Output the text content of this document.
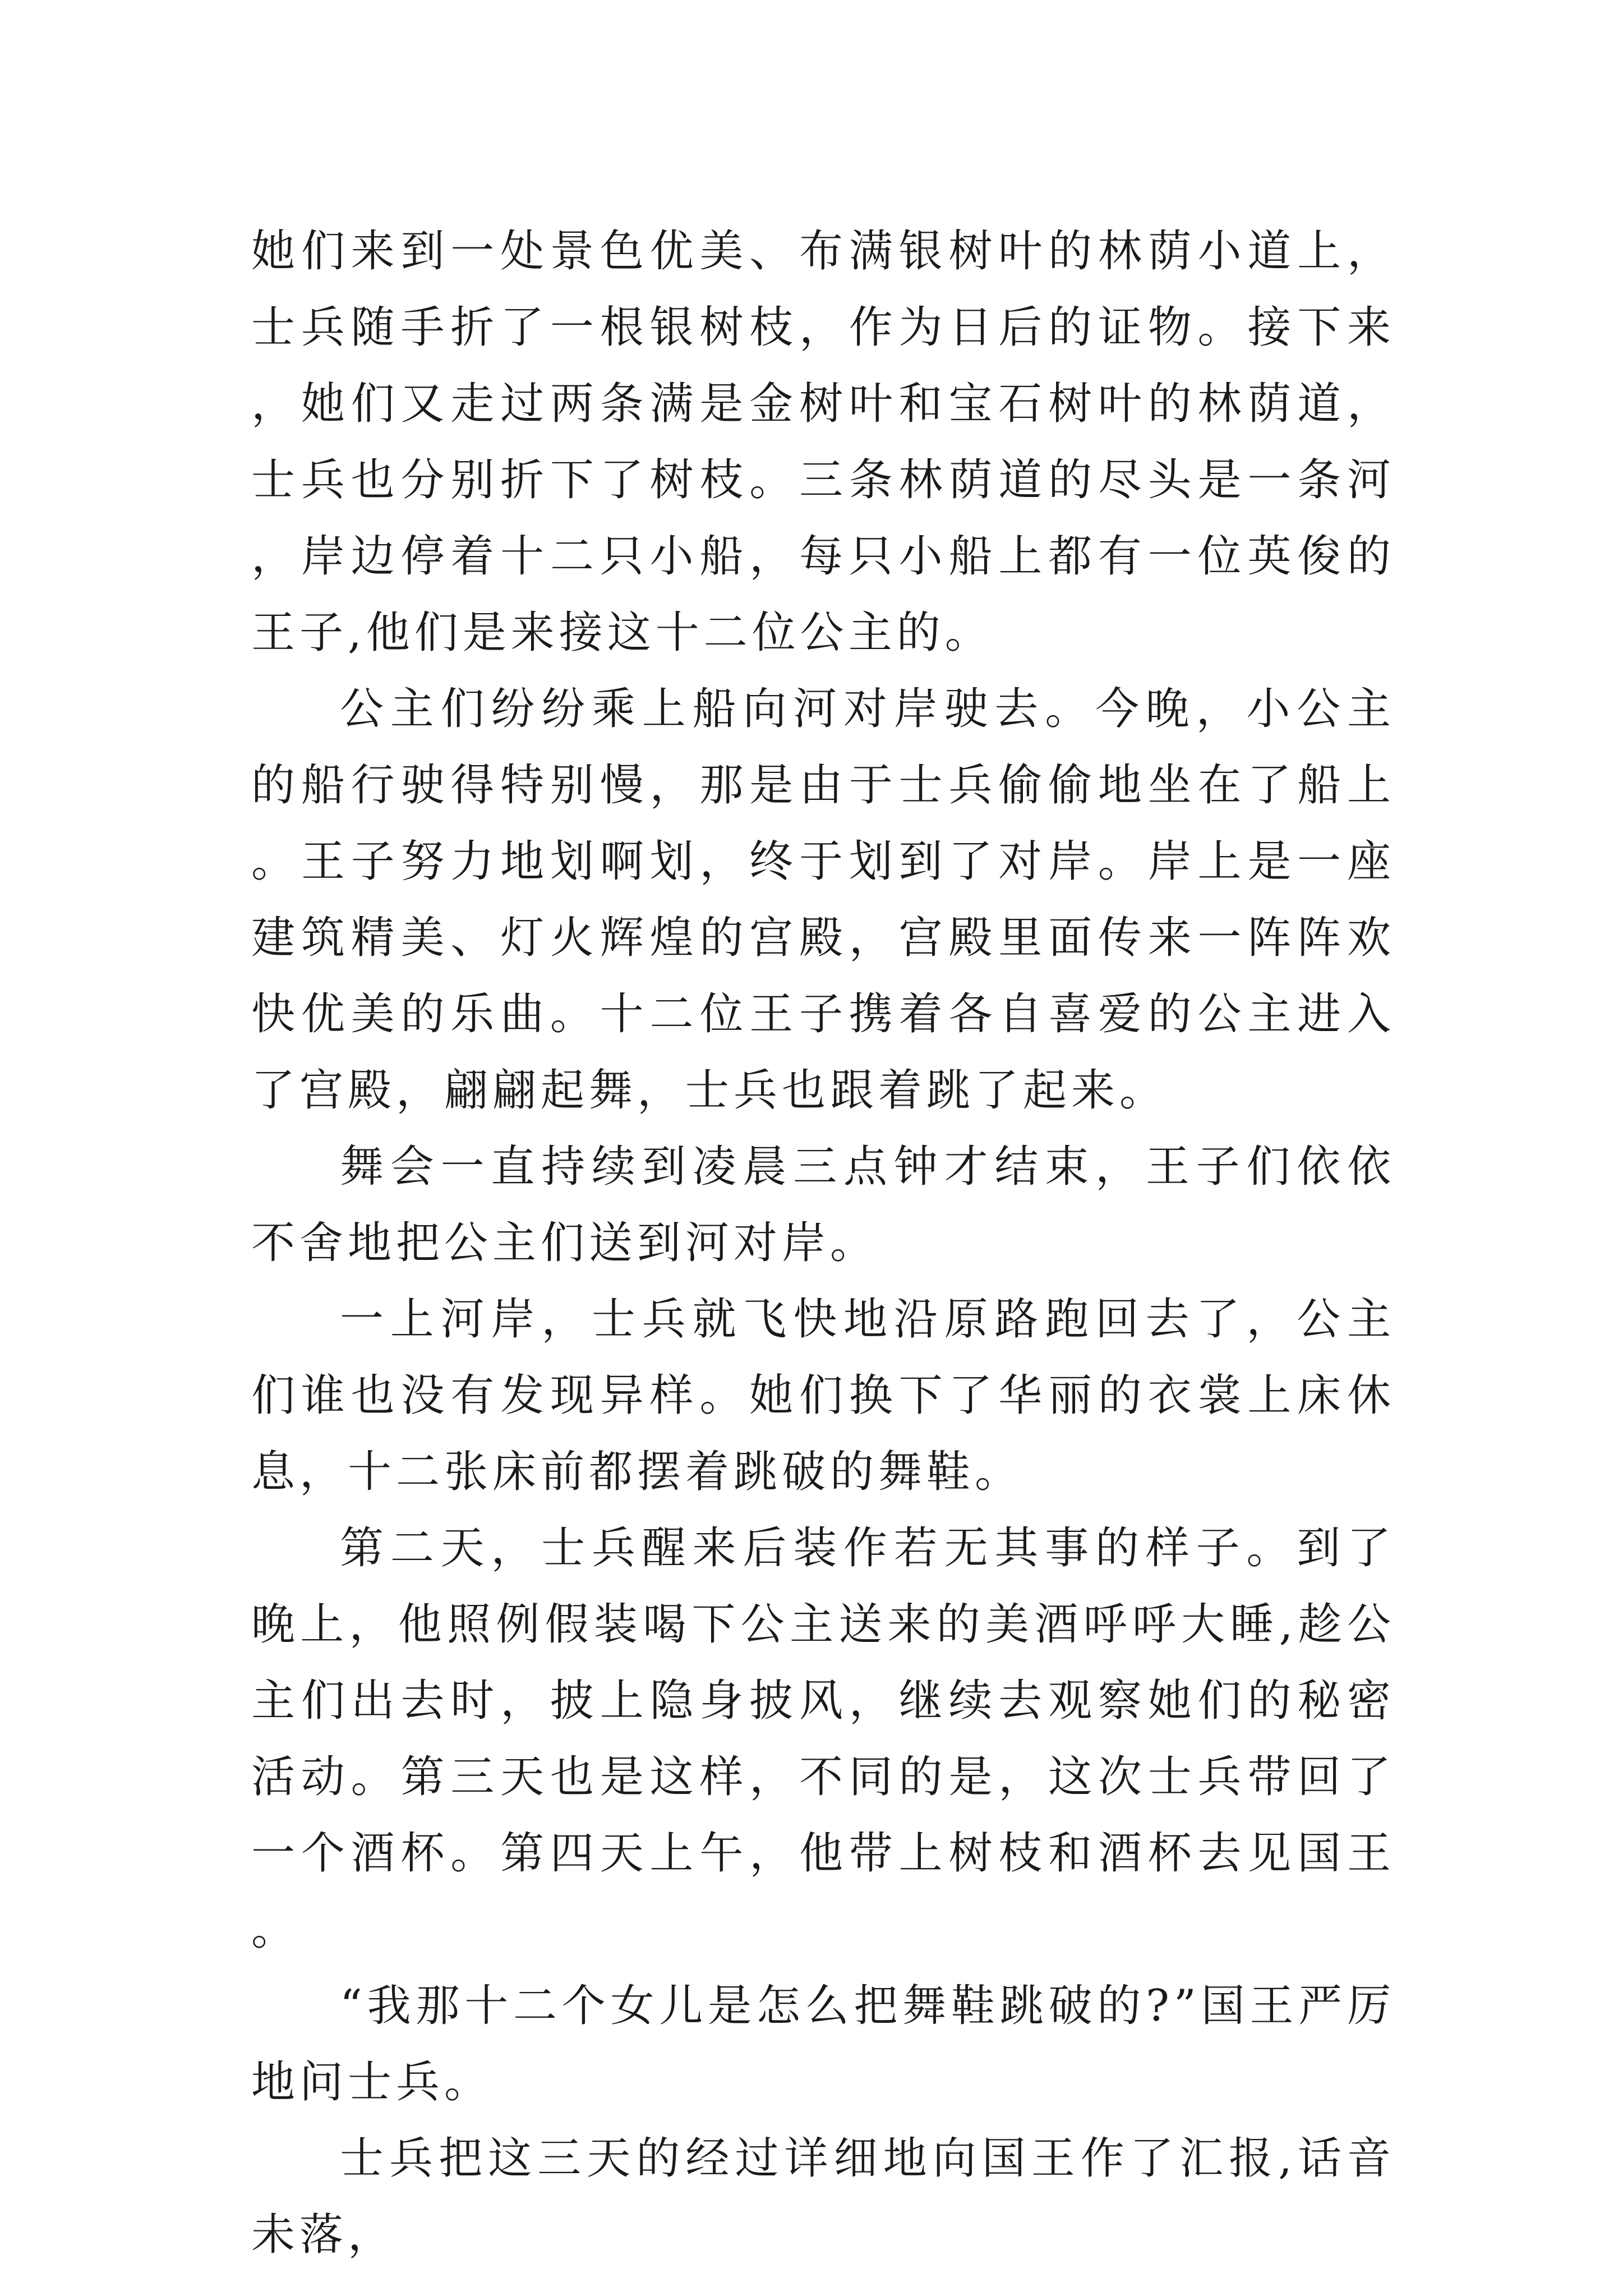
她们来到一处景色优美、布满银树叶的林荫小道上，士兵随手折了一根银树枝，作为日后的证物。接下来，她们又走过两条满是金树叶和宝石树叶的林荫道，士兵也分别折下了树枝。三条林荫道的尽头是一条河，岸边停着十二只小船，每只小船上都有一位英俊的王子,他们是来接这十二位公主的。

公主们纷纷乘上船向河对岸驶去。今晚，小公主的船行驶得特别慢，那是由于士兵偷偷地坐在了船上。王子努力地划啊划，终于划到了对岸。岸上是一座建筑精美、灯火辉煌的宫殿，宫殿里面传来一阵阵欢快优美的乐曲。十二位王子携着各自喜爱的公主进入了宫殿，翩翩起舞，士兵也跟着跳了起来。

舞会一直持续到凌晨三点钟才结束，王子们依依不舍地把公主们送到河对岸。

一上河岸，士兵就飞快地沿原路跑回去了，公主们谁也没有发现异样。她们换下了华丽的衣裳上床休息，十二张床前都摆着跳破的舞鞋。

第二天，士兵醒来后装作若无其事的样子。到了晚上，他照例假装喝下公主送来的美酒呼呼大睡,趁公主们出去时，披上隐身披风，继续去观察她们的秘密活动。第三天也是这样，不同的是，这次士兵带回了一个酒杯。第四天上午，他带上树枝和酒杯去见国王。

“我那十二个女儿是怎么把舞鞋跳破的?”国王严厉地问士兵。

士兵把这三天的经过详细地向国王作了汇报,话音未落，
